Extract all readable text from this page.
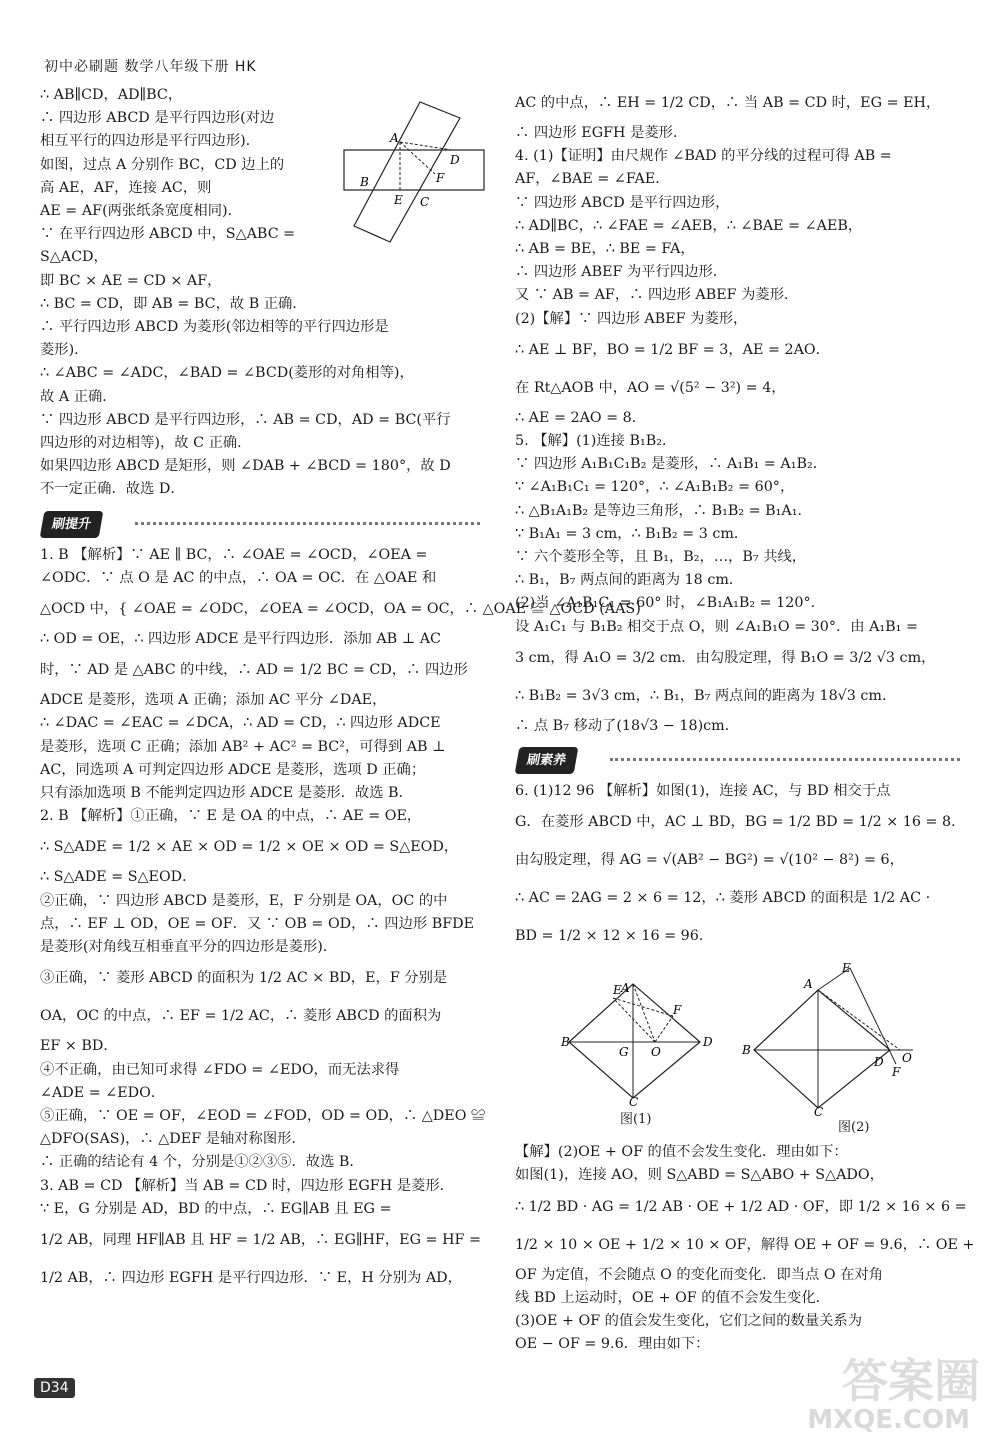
初中必刷题 数学八年级下册 HK
∴ AB∥CD，AD∥BC，
∴ 四边形 ABCD 是平行四边形(对边
相互平行的四边形是平行四边形)．
如图，过点 A 分别作 BC，CD 边上的
高 AE，AF，连接 AC，则
AE = AF(两张纸条宽度相同)．
∵ 在平行四边形 ABCD 中，S△ABC =
S△ACD，
即 BC × AE = CD × AF，
∴ BC = CD，即 AB = BC，故 B 正确．
∴ 平行四边形 ABCD 为菱形(邻边相等的平行四边形是
菱形)．
∴ ∠ABC = ∠ADC，∠BAD = ∠BCD(菱形的对角相等)，
故 A 正确．
∵ 四边形 ABCD 是平行四边形，∴ AB = CD，AD = BC(平行
四边形的对边相等)，故 C 正确．
如果四边形 ABCD 是矩形，则 ∠DAB + ∠BCD = 180°，故 D
不一定正确．故选 D．
刷提升
1. B 【解析】∵ AE ∥ BC，∴ ∠OAE = ∠OCD，∠OEA =
∠ODC．∵ 点 O 是 AC 的中点，∴ OA = OC．在 △OAE 和
△OCD 中，{ ∠OAE = ∠ODC，∠OEA = ∠OCD，OA = OC，∴ △OAE ≌ △OCD (AAS)
∴ OD = OE，∴ 四边形 ADCE 是平行四边形．添加 AB ⊥ AC
时，∵ AD 是 △ABC 的中线，∴ AD = 1/2 BC = CD，∴ 四边形
ADCE 是菱形，选项 A 正确；添加 AC 平分 ∠DAE，
∴ ∠DAC = ∠EAC = ∠DCA，∴ AD = CD，∴ 四边形 ADCE
是菱形，选项 C 正确；添加 AB² + AC² = BC²，可得到 AB ⊥
AC，同选项 A 可判定四边形 ADCE 是菱形，选项 D 正确；
只有添加选项 B 不能判定四边形 ADCE 是菱形．故选 B．
2. B 【解析】①正确，∵ E 是 OA 的中点，∴ AE = OE，
∴ S△ADE = 1/2 × AE × OD = 1/2 × OE × OD = S△EOD，
∴ S△ADE = S△EOD．
②正确，∵ 四边形 ABCD 是菱形，E，F 分别是 OA，OC 的中
点，∴ EF ⊥ OD，OE = OF．又 ∵ OB = OD，∴ 四边形 BFDE
是菱形(对角线互相垂直平分的四边形是菱形)．
③正确，∵ 菱形 ABCD 的面积为 1/2 AC × BD，E，F 分别是
OA，OC 的中点，∴ EF = 1/2 AC，∴ 菱形 ABCD 的面积为
EF × BD．
④不正确，由已知可求得 ∠FDO = ∠EDO，而无法求得
∠ADE = ∠EDO．
⑤正确，∵ OE = OF，∠EOD = ∠FOD，OD = OD，∴ △DEO ≌
△DFO(SAS)，∴ △DEF 是轴对称图形．
∴ 正确的结论有 4 个，分别是①②③⑤．故选 B．
3. AB = CD 【解析】当 AB = CD 时，四边形 EGFH 是菱形．
∵ E，G 分别是 AD，BD 的中点，∴ EG∥AB 且 EG =
1/2 AB，同理 HF∥AB 且 HF = 1/2 AB，∴ EG∥HF，EG = HF =
1/2 AB，∴ 四边形 EGFH 是平行四边形．∵ E，H 分别为 AD，
A
B
C
D
E
F
AC 的中点，∴ EH = 1/2 CD，∴ 当 AB = CD 时，EG = EH，
∴ 四边形 EGFH 是菱形．
4. (1)【证明】由尺规作 ∠BAD 的平分线的过程可得 AB =
AF，∠BAE = ∠FAE．
∵ 四边形 ABCD 是平行四边形，
∴ AD∥BC，∴ ∠FAE = ∠AEB，∴ ∠BAE = ∠AEB，
∴ AB = BE，∴ BE = FA，
∴ 四边形 ABEF 为平行四边形．
又 ∵ AB = AF，∴ 四边形 ABEF 为菱形．
(2)【解】∵ 四边形 ABEF 为菱形，
∴ AE ⊥ BF，BO = 1/2 BF = 3，AE = 2AO．
在 Rt△AOB 中，AO = √(5² − 3²) = 4，
∴ AE = 2AO = 8．
5. 【解】(1)连接 B₁B₂．
∵ 四边形 A₁B₁C₁B₂ 是菱形，∴ A₁B₁ = A₁B₂．
∵ ∠A₁B₁C₁ = 120°，∴ ∠A₁B₁B₂ = 60°，
∴ △B₁A₁B₂ 是等边三角形，∴ B₁B₂ = B₁A₁．
∵ B₁A₁ = 3 cm，∴ B₁B₂ = 3 cm．
∵ 六个菱形全等，且 B₁，B₂，…，B₇ 共线，
∴ B₁，B₇ 两点间的距离为 18 cm．
(2)当 ∠A₁B₁C₁ = 60° 时，∠B₁A₁B₂ = 120°．
设 A₁C₁ 与 B₁B₂ 相交于点 O，则 ∠A₁B₁O = 30°．由 A₁B₁ =
3 cm，得 A₁O = 3/2 cm．由勾股定理，得 B₁O = 3/2 √3 cm，
∴ B₁B₂ = 3√3 cm，∴ B₁，B₇ 两点间的距离为 18√3 cm．
∴ 点 B₇ 移动了(18√3 − 18)cm．
刷素养
6. (1)12 96 【解析】如图(1)，连接 AC，与 BD 相交于点
G．在菱形 ABCD 中，AC ⊥ BD，BG = 1/2 BD = 1/2 × 16 = 8．
由勾股定理，得 AG = √(AB² − BG²) = √(10² − 8²) = 6，
∴ AC = 2AG = 2 × 6 = 12，∴ 菱形 ABCD 的面积是 1/2 AC ·
BD = 1/2 × 12 × 16 = 96．
【解】(2)OE + OF 的值不会发生变化．理由如下：
如图(1)，连接 AO，则 S△ABD = S△ABO + S△ADO，
∴ 1/2 BD · AG = 1/2 AB · OE + 1/2 AD · OF，即 1/2 × 16 × 6 =
1/2 × 10 × OE + 1/2 × 10 × OF，解得 OE + OF = 9.6，∴ OE +
OF 为定值，不会随点 O 的变化而变化．即当点 O 在对角
线 BD 上运动时，OE + OF 的值不会发生变化．
(3)OE + OF 的值会发生变化，它们之间的数量关系为
OE − OF = 9.6．理由如下：
B
A
D
C
G O
E
F
图(1)
B
A
E
D
F
O
C
图(2)
D34	答案圈
MXQE.COM
